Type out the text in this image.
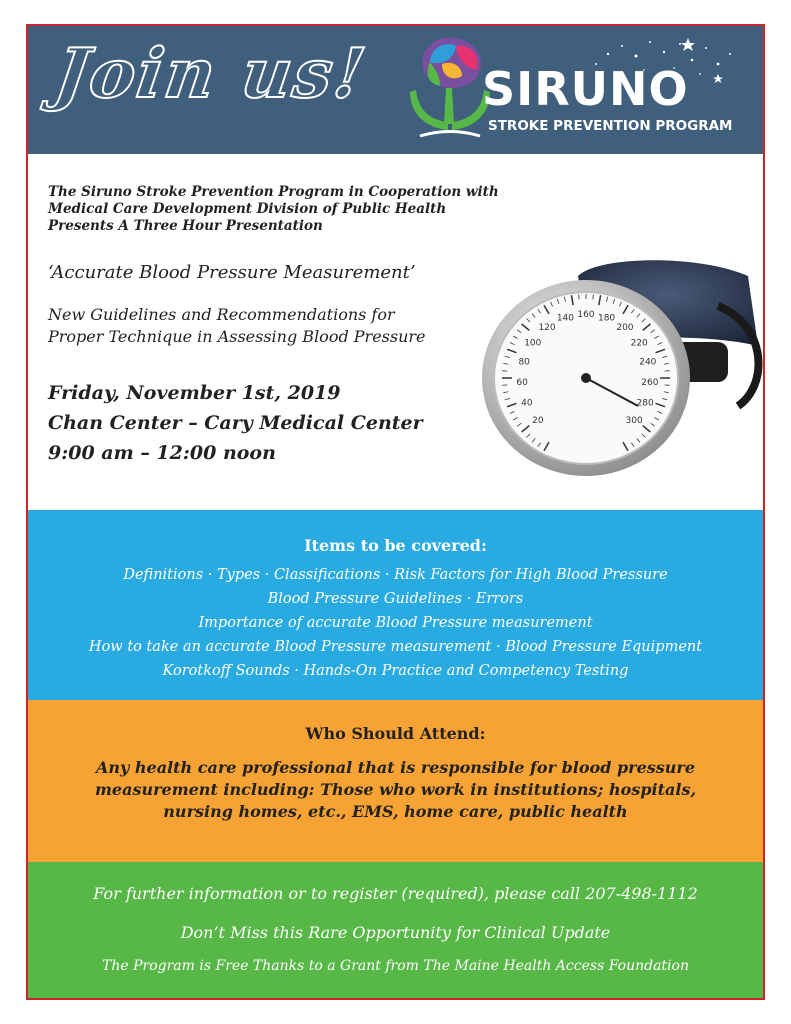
Join us! SIRUNO
STROKE PREVENTION PROGRAM
The Siruno Stroke Prevention Program in Cooperation with
Medical Care Development Division of Public Health
Presents A Three Hour Presentation
‘Accurate Blood Pressure Measurement’
New Guidelines and Recommendations for
Proper Technique in Assessing Blood Pressure
Friday, November 1st, 2019
Chan Center – Cary Medical Center
9:00 am – 12:00 noon
20
40
60
80
100
120
140 160 180
200
220
240
260
280
300
Items to be covered:
Definitions · Types · Classifications · Risk Factors for High Blood Pressure
Blood Pressure Guidelines · Errors
Importance of accurate Blood Pressure measurement
How to take an accurate Blood Pressure measurement · Blood Pressure Equipment
Korotkoff Sounds · Hands-On Practice and Competency Testing
Who Should Attend:
Any health care professional that is responsible for blood pressure
measurement including: Those who work in institutions; hospitals,
nursing homes, etc., EMS, home care, public health
For further information or to register (required), please call 207-498-1112
Don’t Miss this Rare Opportunity for Clinical Update
The Program is Free Thanks to a Grant from The Maine Health Access Foundation
